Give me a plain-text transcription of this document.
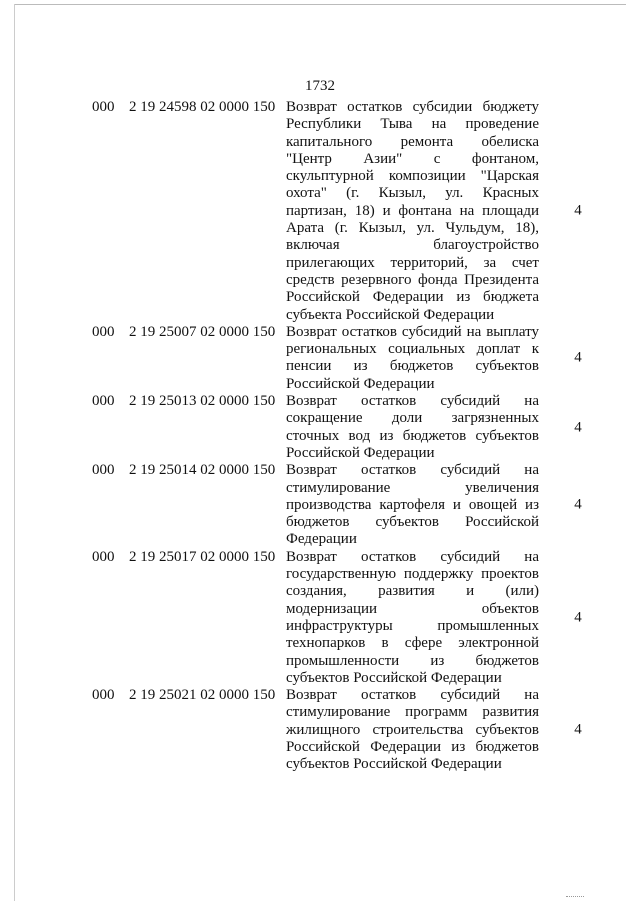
1732
000 2 19 24598 02 0000 150 Возврат остатков субсидии бюджету Республики Тыва на проведение капитального ремонта обелиска "Центр Азии" с фонтаном, скульптурной композиции "Царская охота" (г. Кызыл, ул. Красных партизан, 18) и фонтана на площади Арата (г. Кызыл, ул. Чульдум, 18), включая благоустройство прилегающих территорий, за счет средств резервного фонда Президента Российской Федерации из бюджета субъекта Российской Федерации
4
000 2 19 25007 02 0000 150 Возврат остатков субсидий на выплату региональных социальных доплат к пенсии из бюджетов субъектов Российской Федерации
4
000 2 19 25013 02 0000 150 Возврат остатков субсидий на сокращение доли загрязненных сточных вод из бюджетов субъектов Российской Федерации
4
000 2 19 25014 02 0000 150 Возврат остатков субсидий на стимулирование увеличения производства картофеля и овощей из бюджетов субъектов Российской Федерации
4
000 2 19 25017 02 0000 150 Возврат остатков субсидий на государственную поддержку проектов создания, развития и (или) модернизации объектов инфраструктуры промышленных технопарков в сфере электронной промышленности из бюджетов субъектов Российской Федерации
4
000 2 19 25021 02 0000 150 Возврат остатков субсидий на стимулирование программ развития жилищного строительства субъектов Российской Федерации из бюджетов субъектов Российской Федерации
4
